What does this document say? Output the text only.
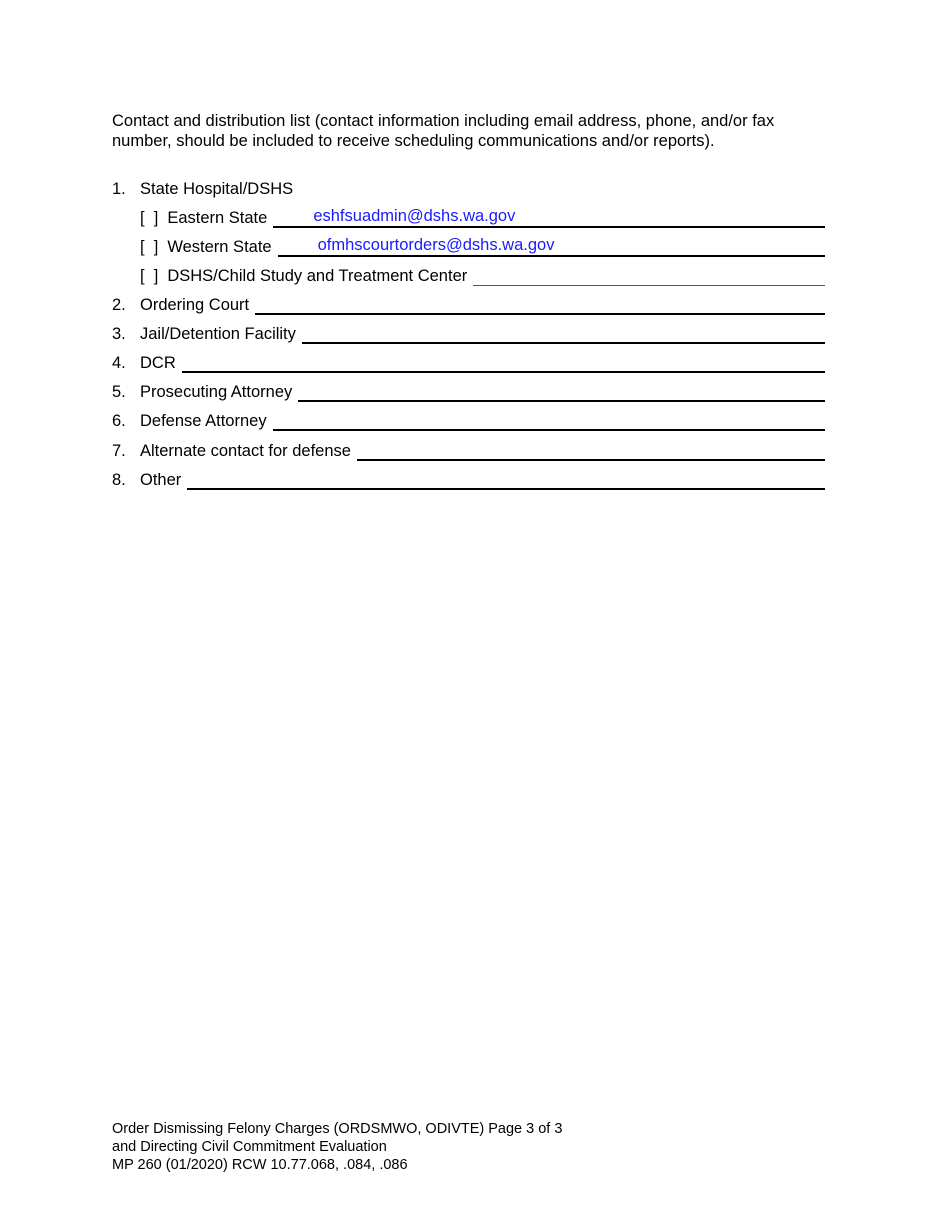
Contact and distribution list (contact information including email address, phone, and/or fax number, should be included to receive scheduling communications and/or reports).
1. State Hospital/DSHS
[  ] Eastern State	eshfsuadmin@dshs.wa.gov
[  ] Western State	ofmhscourtorders@dshs.wa.gov
[  ] DSHS/Child Study and Treatment Center
2. Ordering Court
3. Jail/Detention Facility
4. DCR
5. Prosecuting Attorney
6. Defense Attorney
7. Alternate contact for defense
8. Other
Order Dismissing Felony Charges (ORDSMWO, ODIVTE) Page 3 of 3
and Directing Civil Commitment Evaluation
MP 260 (01/2020) RCW 10.77.068, .084, .086
